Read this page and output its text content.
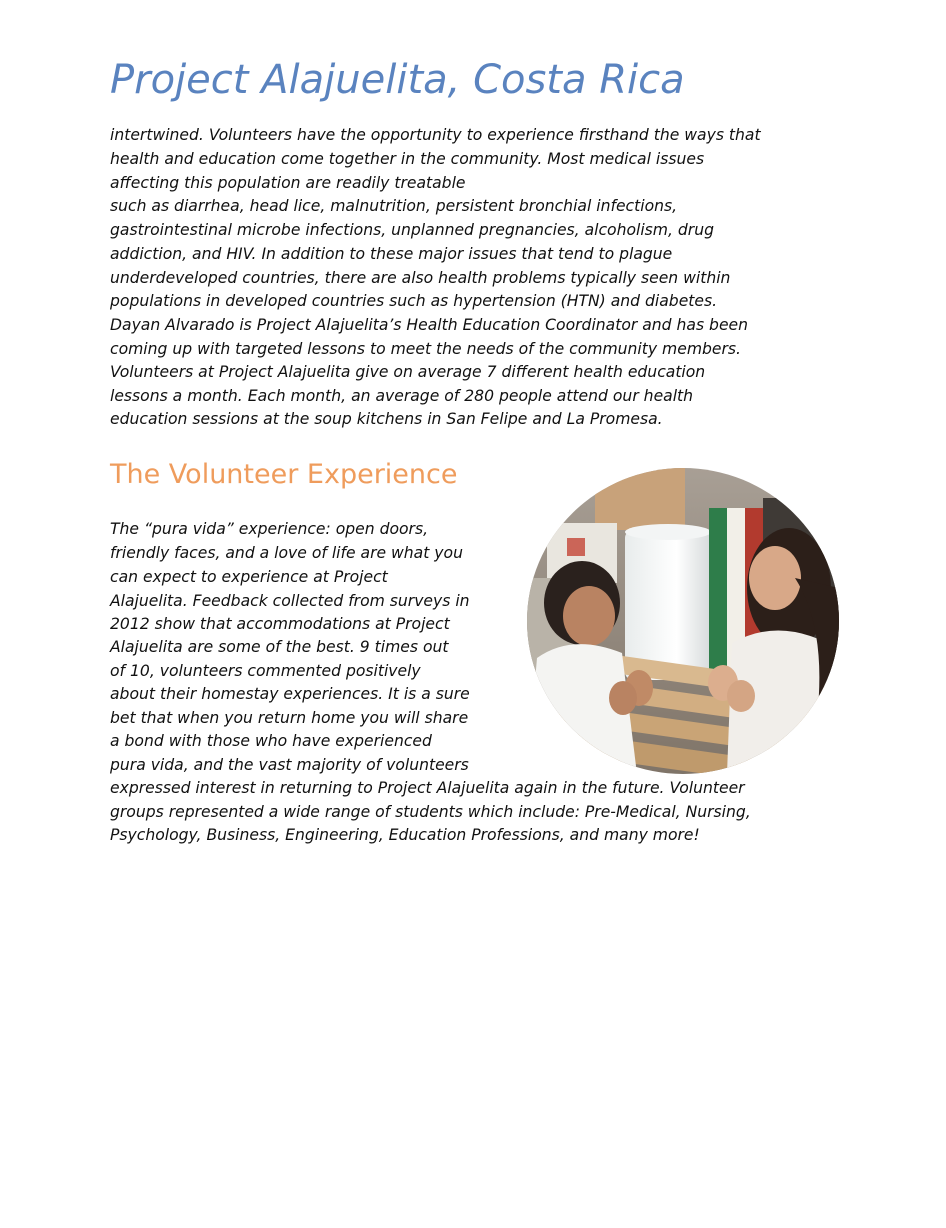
Project Alajuelita, Costa Rica

intertwined. Volunteers have the opportunity to experience firsthand the ways that

health and education come together in the community. Most medical issues

affecting this population are readily treatable

such as diarrhea, head lice, malnutrition, persistent bronchial infections,

gastrointestinal microbe infections, unplanned pregnancies, alcoholism, drug

addiction, and HIV. In addition to these major issues that tend to plague

underdeveloped countries, there are also health problems typically seen within

populations in developed countries such as hypertension (HTN) and diabetes.

Dayan Alvarado is Project Alajuelita’s Health Education Coordinator and has been

coming up with targeted lessons to meet the needs of the community members.

Volunteers at Project Alajuelita give on average 7 different health education

lessons a month. Each month, an average of 280 people attend our health

education sessions at the soup kitchens in San Felipe and La Promesa.

The Volunteer Experience

The “pura vida” experience: open doors,

friendly faces, and a love of life are what you

can expect to experience at Project

Alajuelita. Feedback collected from surveys in

2012 show that accommodations at Project

Alajuelita are some of the best. 9 times out

of 10, volunteers commented positively

about their homestay experiences. It is a sure

bet that when you return home you will share

a bond with those who have experienced

pura vida, and the vast majority of volunteers

expressed interest in returning to Project Alajuelita again in the future. Volunteer

groups represented a wide range of students which include: Pre-Medical, Nursing,

Psychology, Business, Engineering, Education Professions, and many more!
